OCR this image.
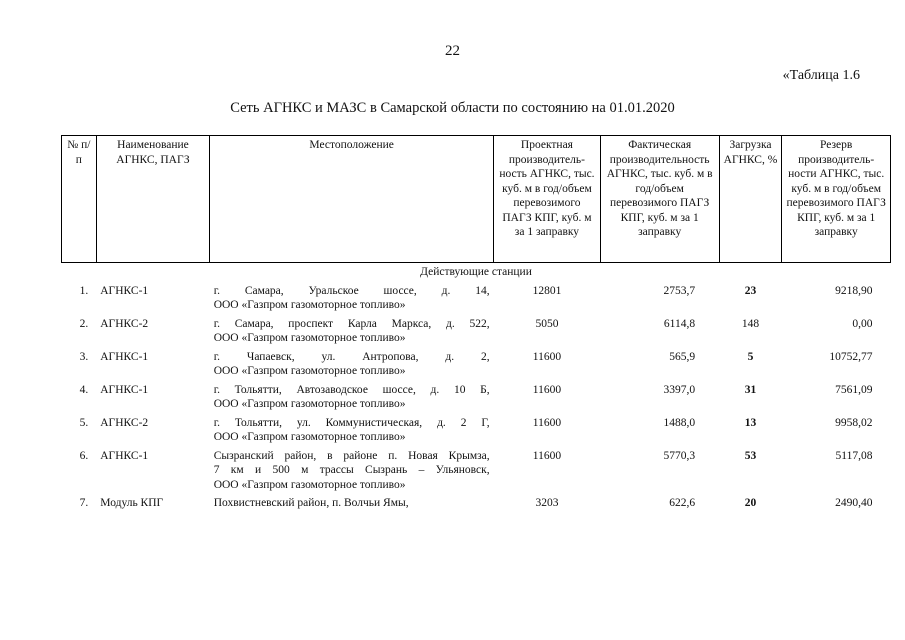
22
«Таблица 1.6
Сеть АГНКС и МАЗС в Самарской области по состоянию на 01.01.2020
№ п/п	Наименование АГНКС, ПАГЗ	Местоположение	Проектная производитель-ность АГНКС, тыс. куб. м в год/объем перевозимого ПАГЗ КПГ, куб. м за 1 заправку	Фактическая производительность АГНКС, тыс. куб. м в год/объем перевозимого ПАГЗ КПГ, куб. м за 1 заправку	Загрузка АГНКС, %	Резерв производитель-ности АГНКС, тыс. куб. м в год/объем перевозимого ПАГЗ КПГ, куб. м за 1 заправку
Действующие станции						
1.	АГНКС-1	г. Самара, Уральское шоссе, д. 14,
ООО «Газпром газомоторное топливо»	12801	2753,7	23	9218,90
2.	АГНКС-2	г. Самара, проспект Карла Маркса, д. 522,
ООО «Газпром газомоторное топливо»	5050	6114,8	148	0,00
3.	АГНКС-1	г. Чапаевск, ул. Антропова, д. 2,
ООО «Газпром газомоторное топливо»	11600	565,9	5	10752,77
4.	АГНКС-1	г. Тольятти, Автозаводское шоссе, д. 10 Б,
ООО «Газпром газомоторное топливо»	11600	3397,0	31	7561,09
5.	АГНКС-2	г. Тольятти, ул. Коммунистическая, д. 2 Г,
ООО «Газпром газомоторное топливо»	11600	1488,0	13	9958,02
6.	АГНКС-1	Сызранский район, в районе п. Новая Крымза,
7 км и 500 м трассы Сызрань – Ульяновск,
ООО «Газпром газомоторное топливо»	11600	5770,3	53	5117,08
7.	Модуль КПГ	Похвистневский район, п. Волчьи Ямы,	3203	622,6	20	2490,40
